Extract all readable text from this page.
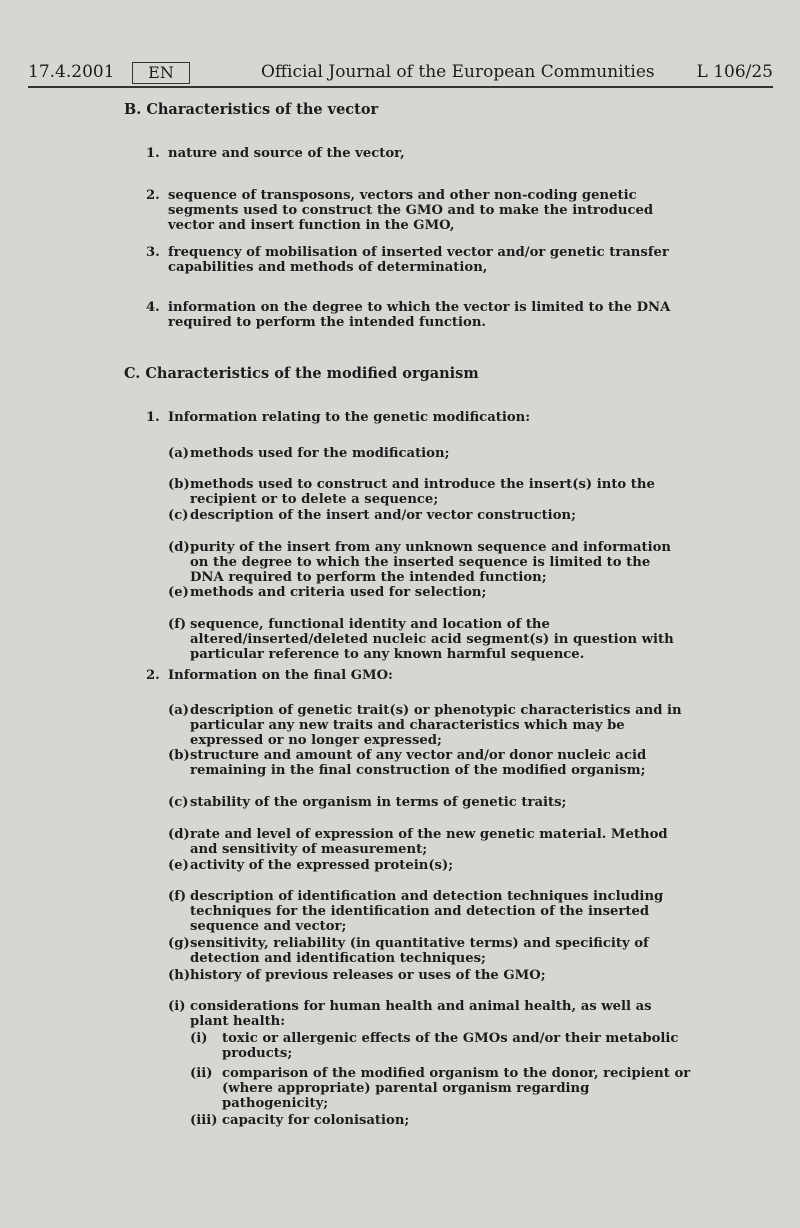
17.4.2001	EN	Official Journal of the European Communities L 106/25
B. Characteristics of the vector
1. nature and source of the vector,
2. sequence of transposons, vectors and other non-coding genetic segments used to construct the GMO and to make the introduced vector and insert function in the GMO,
3. frequency of mobilisation of inserted vector and/or genetic transfer capabilities and methods of determination,
4. information on the degree to which the vector is limited to the DNA required to perform the intended function.
C. Characteristics of the modified organism
1. Information relating to the genetic modification:
(a) methods used for the modification;
(b) methods used to construct and introduce the insert(s) into the recipient or to delete a sequence;
(c) description of the insert and/or vector construction;
(d) purity of the insert from any unknown sequence and information on the degree to which the inserted sequence is limited to the DNA required to perform the intended function;
(e) methods and criteria used for selection;
(f) sequence, functional identity and location of the altered/inserted/deleted nucleic acid segment(s) in question with particular reference to any known harmful sequence.
2. Information on the final GMO:
(a) description of genetic trait(s) or phenotypic characteristics and in particular any new traits and characteristics which may be expressed or no longer expressed;
(b) structure and amount of any vector and/or donor nucleic acid remaining in the final construction of the modified organism;
(c) stability of the organism in terms of genetic traits;
(d) rate and level of expression of the new genetic material. Method and sensitivity of measurement;
(e) activity of the expressed protein(s);
(f) description of identification and detection techniques including techniques for the identification and detection of the inserted sequence and vector;
(g) sensitivity, reliability (in quantitative terms) and specificity of detection and identification techniques;
(h) history of previous releases or uses of the GMO;
(i) considerations for human health and animal health, as well as plant health:
(i) toxic or allergenic effects of the GMOs and/or their metabolic products;
(ii) comparison of the modified organism to the donor, recipient or (where appropriate) parental organism regarding pathogenicity;
(iii) capacity for colonisation;
